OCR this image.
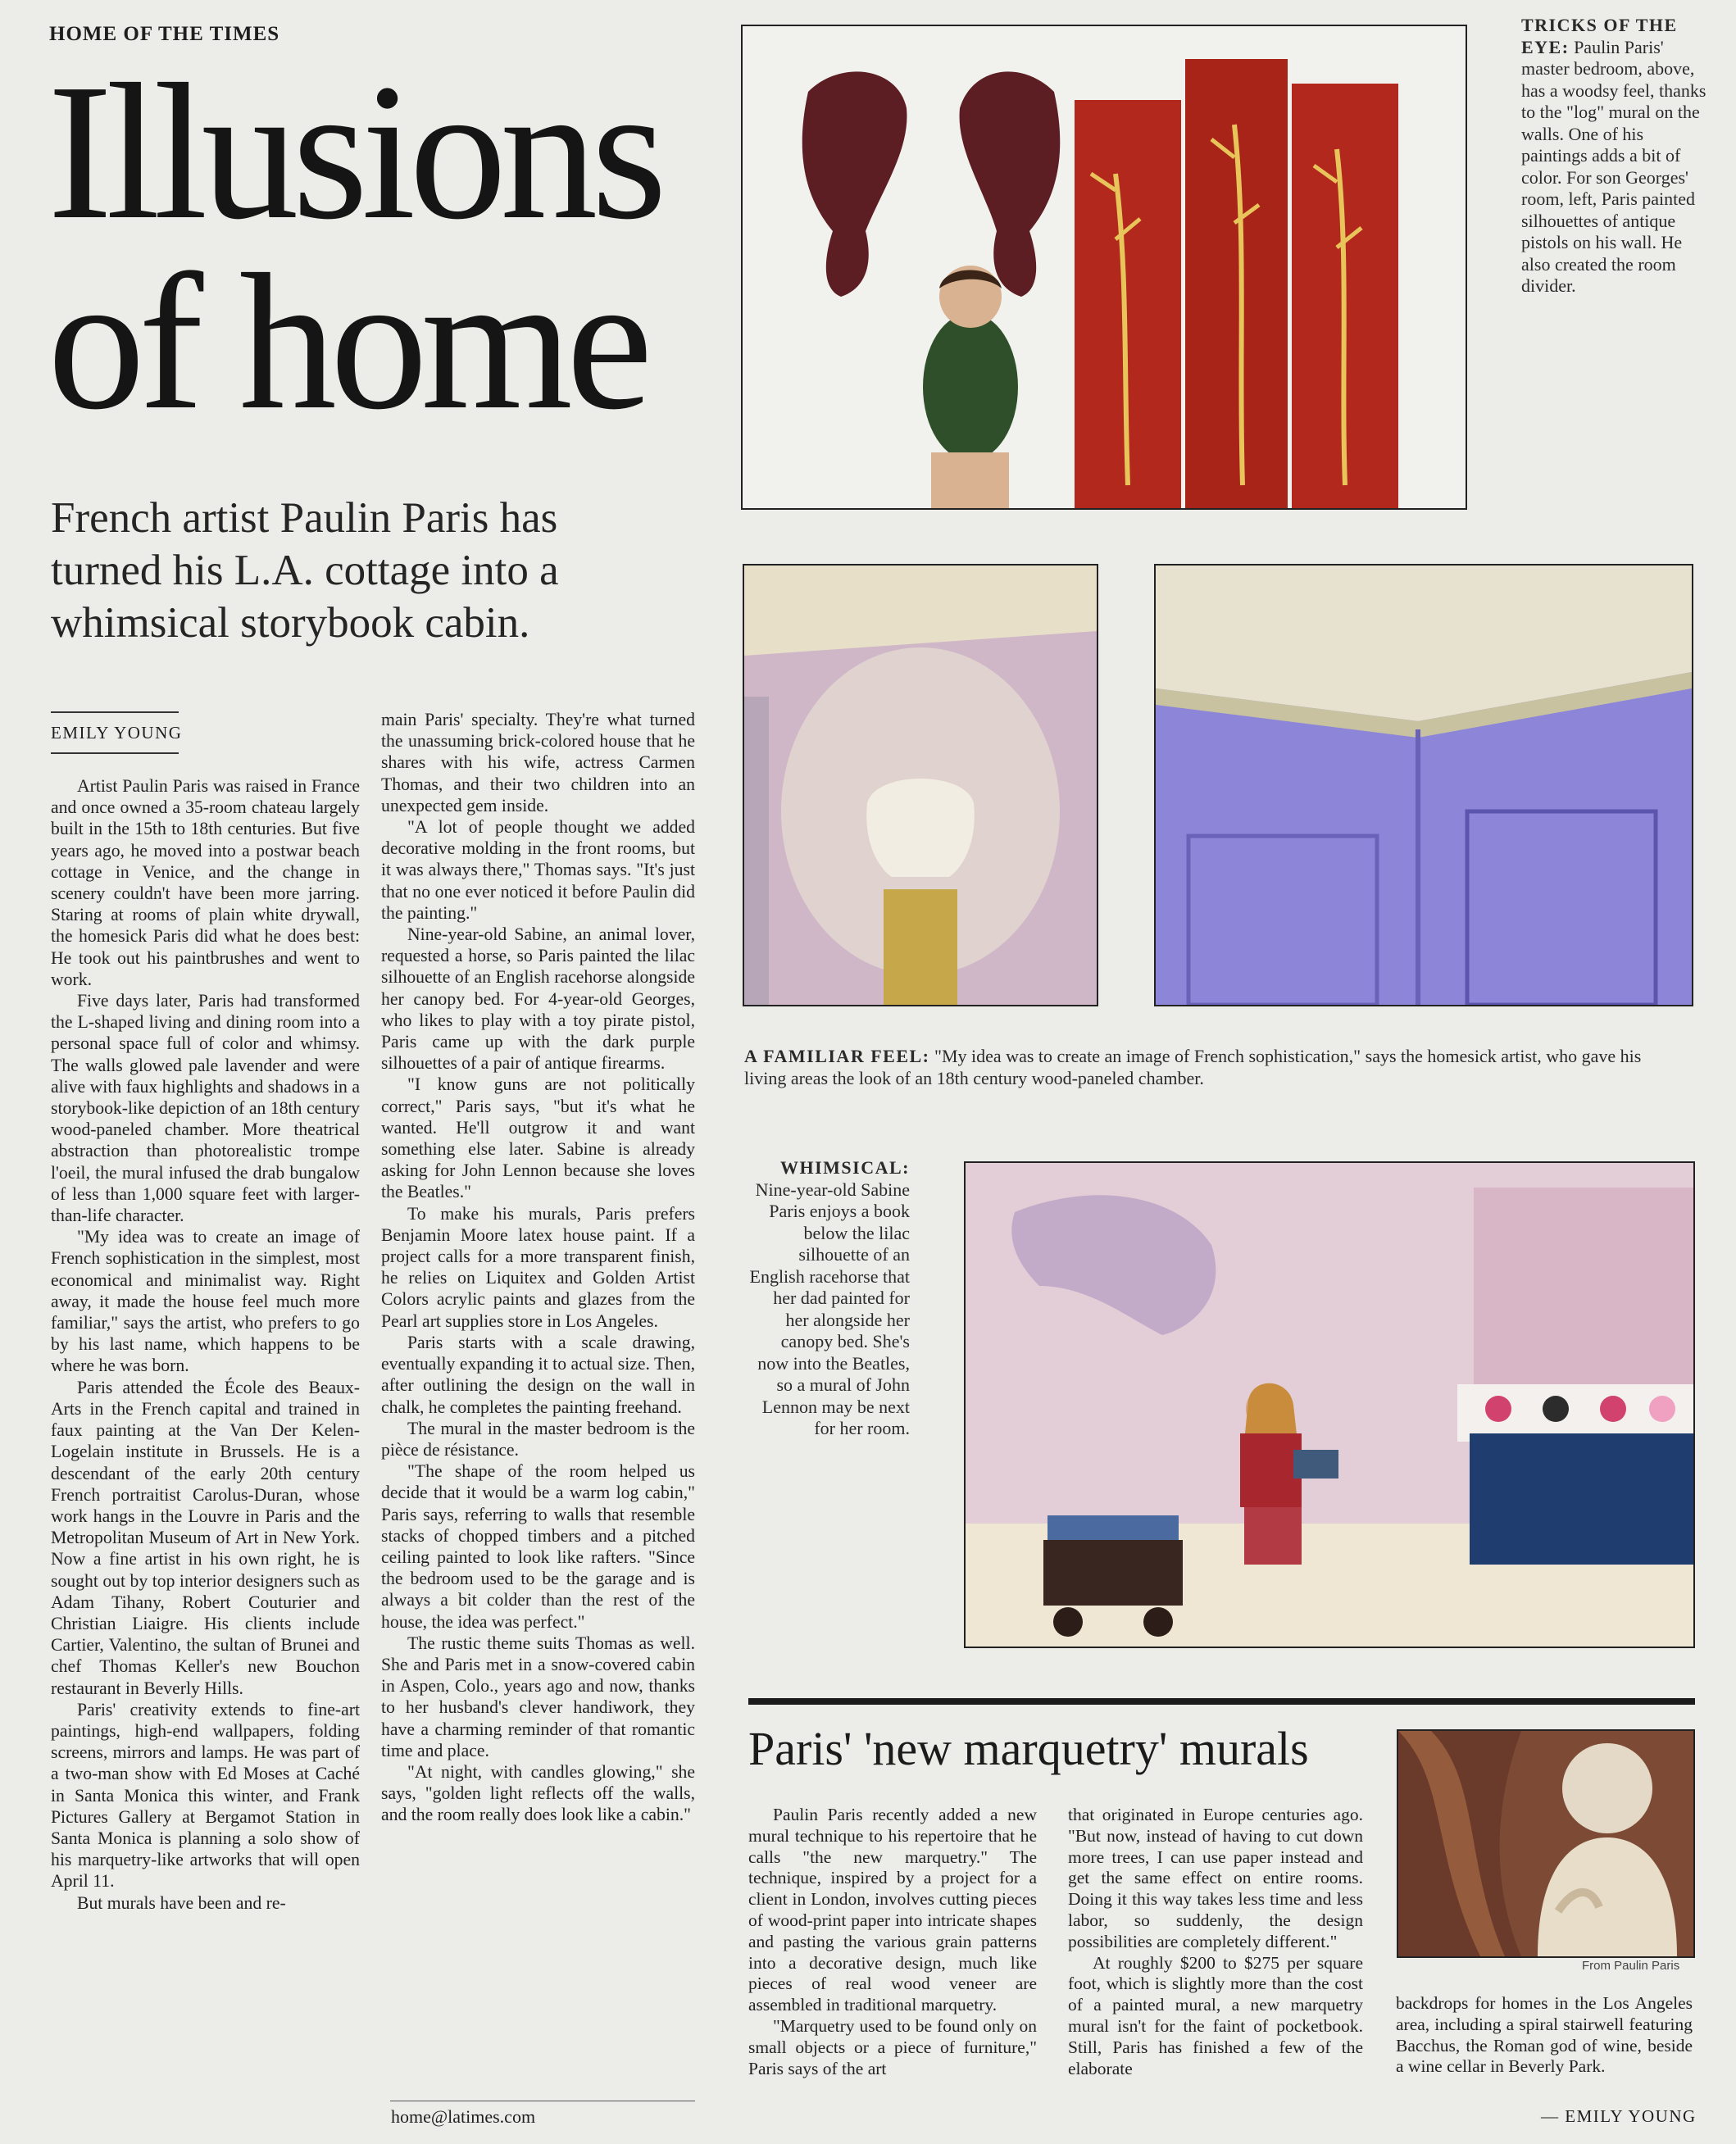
HOME OF THE TIMES
Illusions
of home
French artist Paulin Paris has turned his L.A. cottage into a whimsical storybook cabin.
EMILY YOUNG

Artist Paulin Paris was raised in France and once owned a 35-room chateau largely built in the 15th to 18th centuries. But five years ago, he moved into a postwar beach cottage in Venice, and the change in scenery couldn't have been more jarring. Staring at rooms of plain white drywall, the homesick Paris did what he does best: He took out his paintbrushes and went to work.

Five days later, Paris had transformed the L-shaped living and dining room into a personal space full of color and whimsy. The walls glowed pale lavender and were alive with faux highlights and shadows in a storybook-like depiction of an 18th century wood-paneled chamber. More theatrical abstraction than photorealistic trompe l'oeil, the mural infused the drab bungalow of less than 1,000 square feet with larger-than-life character.

"My idea was to create an image of French sophistication in the simplest, most economical and minimalist way. Right away, it made the house feel much more familiar," says the artist, who prefers to go by his last name, which happens to be where he was born.

Paris attended the École des Beaux-Arts in the French capital and trained in faux painting at the Van Der Kelen-Logelain institute in Brussels. He is a descendant of the early 20th century French portraitist Carolus-Duran, whose work hangs in the Louvre in Paris and the Metropolitan Museum of Art in New York. Now a fine artist in his own right, he is sought out by top interior designers such as Adam Tihany, Robert Couturier and Christian Liaigre. His clients include Cartier, Valentino, the sultan of Brunei and chef Thomas Keller's new Bouchon restaurant in Beverly Hills.

Paris' creativity extends to fine-art paintings, high-end wallpapers, folding screens, mirrors and lamps. He was part of a two-man show with Ed Moses at Caché in Santa Monica this winter, and Frank Pictures Gallery at Bergamot Station in Santa Monica is planning a solo show of his marquetry-like artworks that will open April 11.

But murals have been and re-

main Paris' specialty. They're what turned the unassuming brick-colored house that he shares with his wife, actress Carmen Thomas, and their two children into an unexpected gem inside.

"A lot of people thought we added decorative molding in the front rooms, but it was always there," Thomas says. "It's just that no one ever noticed it before Paulin did the painting."

Nine-year-old Sabine, an animal lover, requested a horse, so Paris painted the lilac silhouette of an English racehorse alongside her canopy bed. For 4-year-old Georges, who likes to play with a toy pirate pistol, Paris came up with the dark purple silhouettes of a pair of antique firearms.

"I know guns are not politically correct," Paris says, "but it's what he wanted. He'll outgrow it and want something else later. Sabine is already asking for John Lennon because she loves the Beatles."

To make his murals, Paris prefers Benjamin Moore latex house paint. If a project calls for a more transparent finish, he relies on Liquitex and Golden Artist Colors acrylic paints and glazes from the Pearl art supplies store in Los Angeles.

Paris starts with a scale drawing, eventually expanding it to actual size. Then, after outlining the design on the wall in chalk, he completes the painting freehand.

The mural in the master bedroom is the pièce de résistance.

"The shape of the room helped us decide that it would be a warm log cabin," Paris says, referring to walls that resemble stacks of chopped timbers and a pitched ceiling painted to look like rafters. "Since the bedroom used to be the garage and is always a bit colder than the rest of the house, the idea was perfect."

The rustic theme suits Thomas as well. She and Paris met in a snow-covered cabin in Aspen, Colo., years ago and now, thanks to her husband's clever handiwork, they have a charming reminder of that romantic time and place.

"At night, with candles glowing," she says, "golden light reflects off the walls, and the room really does look like a cabin."

home@latimes.com
TRICKS OF THE EYE: Paulin Paris' master bedroom, above, has a woodsy feel, thanks to the "log" mural on the walls. One of his paintings adds a bit of color. For son Georges' room, left, Paris painted silhouettes of antique pistols on his wall. He also created the room divider.
A FAMILIAR FEEL: "My idea was to create an image of French sophistication," says the homesick artist, who gave his living areas the look of an 18th century wood-paneled chamber.
WHIMSICAL:
Nine-year-old Sabine Paris enjoys a book below the lilac silhouette of an English racehorse that her dad painted for her alongside her canopy bed. She's now into the Beatles, so a mural of John Lennon may be next for her room.
Paris' 'new marquetry' murals

Paulin Paris recently added a new mural technique to his repertoire that he calls "the new marquetry." The technique, inspired by a project for a client in London, involves cutting pieces of wood-print paper into intricate shapes and pasting the various grain patterns into a decorative design, much like pieces of real wood veneer are assembled in traditional marquetry.

"Marquetry used to be found only on small objects or a piece of furniture," Paris says of the art

that originated in Europe centuries ago. "But now, instead of having to cut down more trees, I can use paper instead and get the same effect on entire rooms. Doing it this way takes less time and less labor, so suddenly, the design possibilities are completely different."

At roughly $200 to $275 per square foot, which is slightly more than the cost of a painted mural, a new marquetry mural isn't for the faint of pocketbook. Still, Paris has finished a few of the elaborate

From Paulin Paris

backdrops for homes in the Los Angeles area, including a spiral stairwell featuring Bacchus, the Roman god of wine, beside a wine cellar in Beverly Park.

— EMILY YOUNG
